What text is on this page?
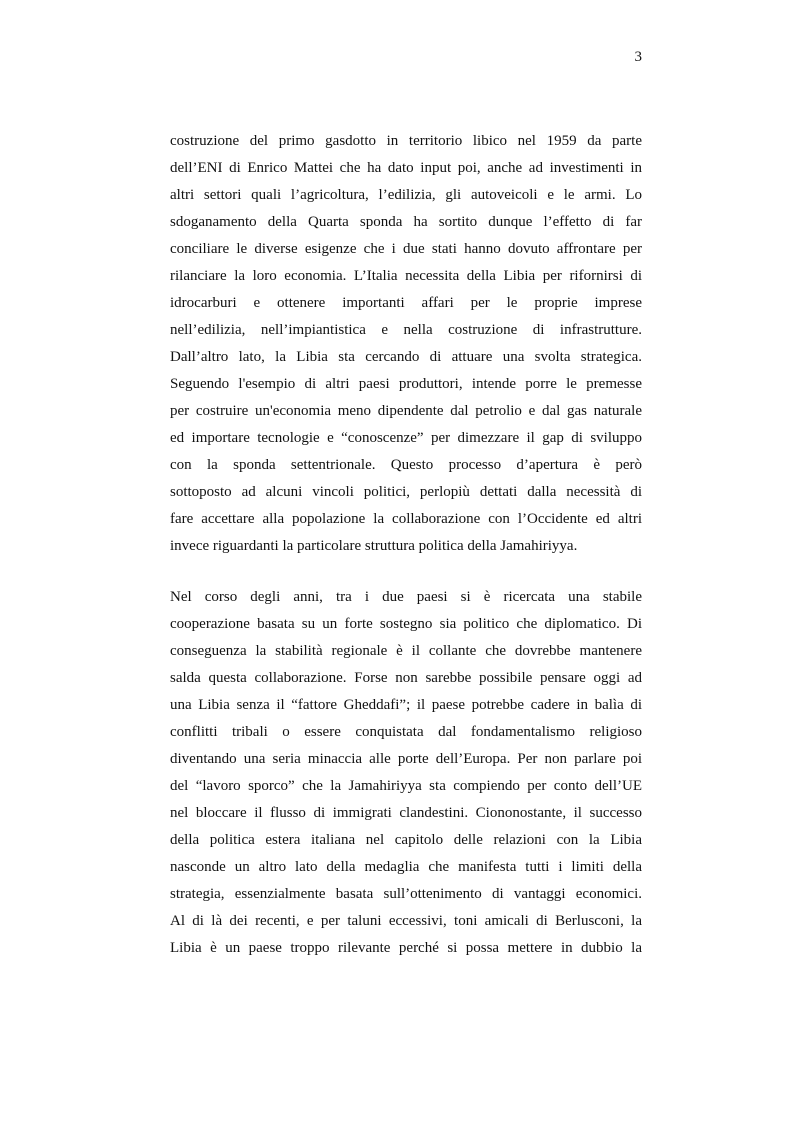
3
costruzione del primo gasdotto in territorio libico nel 1959 da parte
dell’ENI di Enrico Mattei che ha dato input poi, anche ad investimenti in
altri settori quali l’agricoltura, l’edilizia, gli autoveicoli e le armi. Lo
sdoganamento della Quarta sponda ha sortito dunque l’effetto di far
conciliare le diverse esigenze che i due stati hanno dovuto affrontare per
rilanciare la loro economia. L’Italia necessita della Libia per rifornirsi di
idrocarburi e ottenere importanti affari per le proprie imprese
nell’edilizia, nell’impiantistica e nella costruzione di infrastrutture.
Dall’altro lato, la Libia sta cercando di attuare una svolta strategica.
Seguendo l'esempio di altri paesi produttori, intende porre le premesse
per costruire un'economia meno dipendente dal petrolio e dal gas naturale
ed importare tecnologie e “conoscenze” per dimezzare il gap di sviluppo
con la sponda settentrionale. Questo processo d’apertura è però
sottoposto ad alcuni vincoli politici, perlopiù dettati dalla necessità di
fare accettare alla popolazione la collaborazione con l’Occidente ed altri
invece riguardanti la particolare struttura politica della Jamahiriyya.
Nel corso degli anni, tra i due paesi si è ricercata una stabile
cooperazione basata su un forte sostegno sia politico che diplomatico. Di
conseguenza la stabilità regionale è il collante che dovrebbe mantenere
salda questa collaborazione. Forse non sarebbe possibile pensare oggi ad
una Libia senza il “fattore Gheddafi”; il paese potrebbe cadere in balìa di
conflitti tribali o essere conquistata dal fondamentalismo religioso
diventando una seria minaccia alle porte dell’Europa. Per non parlare poi
del “lavoro sporco” che la Jamahiriyya sta compiendo per conto dell’UE
nel bloccare il flusso di immigrati clandestini. Ciononostante, il successo
della politica estera italiana nel capitolo delle relazioni con la Libia
nasconde un altro lato della medaglia che manifesta tutti i limiti della
strategia, essenzialmente basata sull’ottenimento di vantaggi economici.
Al di là dei recenti, e per taluni eccessivi, toni amicali di Berlusconi, la
Libia è un paese troppo rilevante perché si possa mettere in dubbio la
